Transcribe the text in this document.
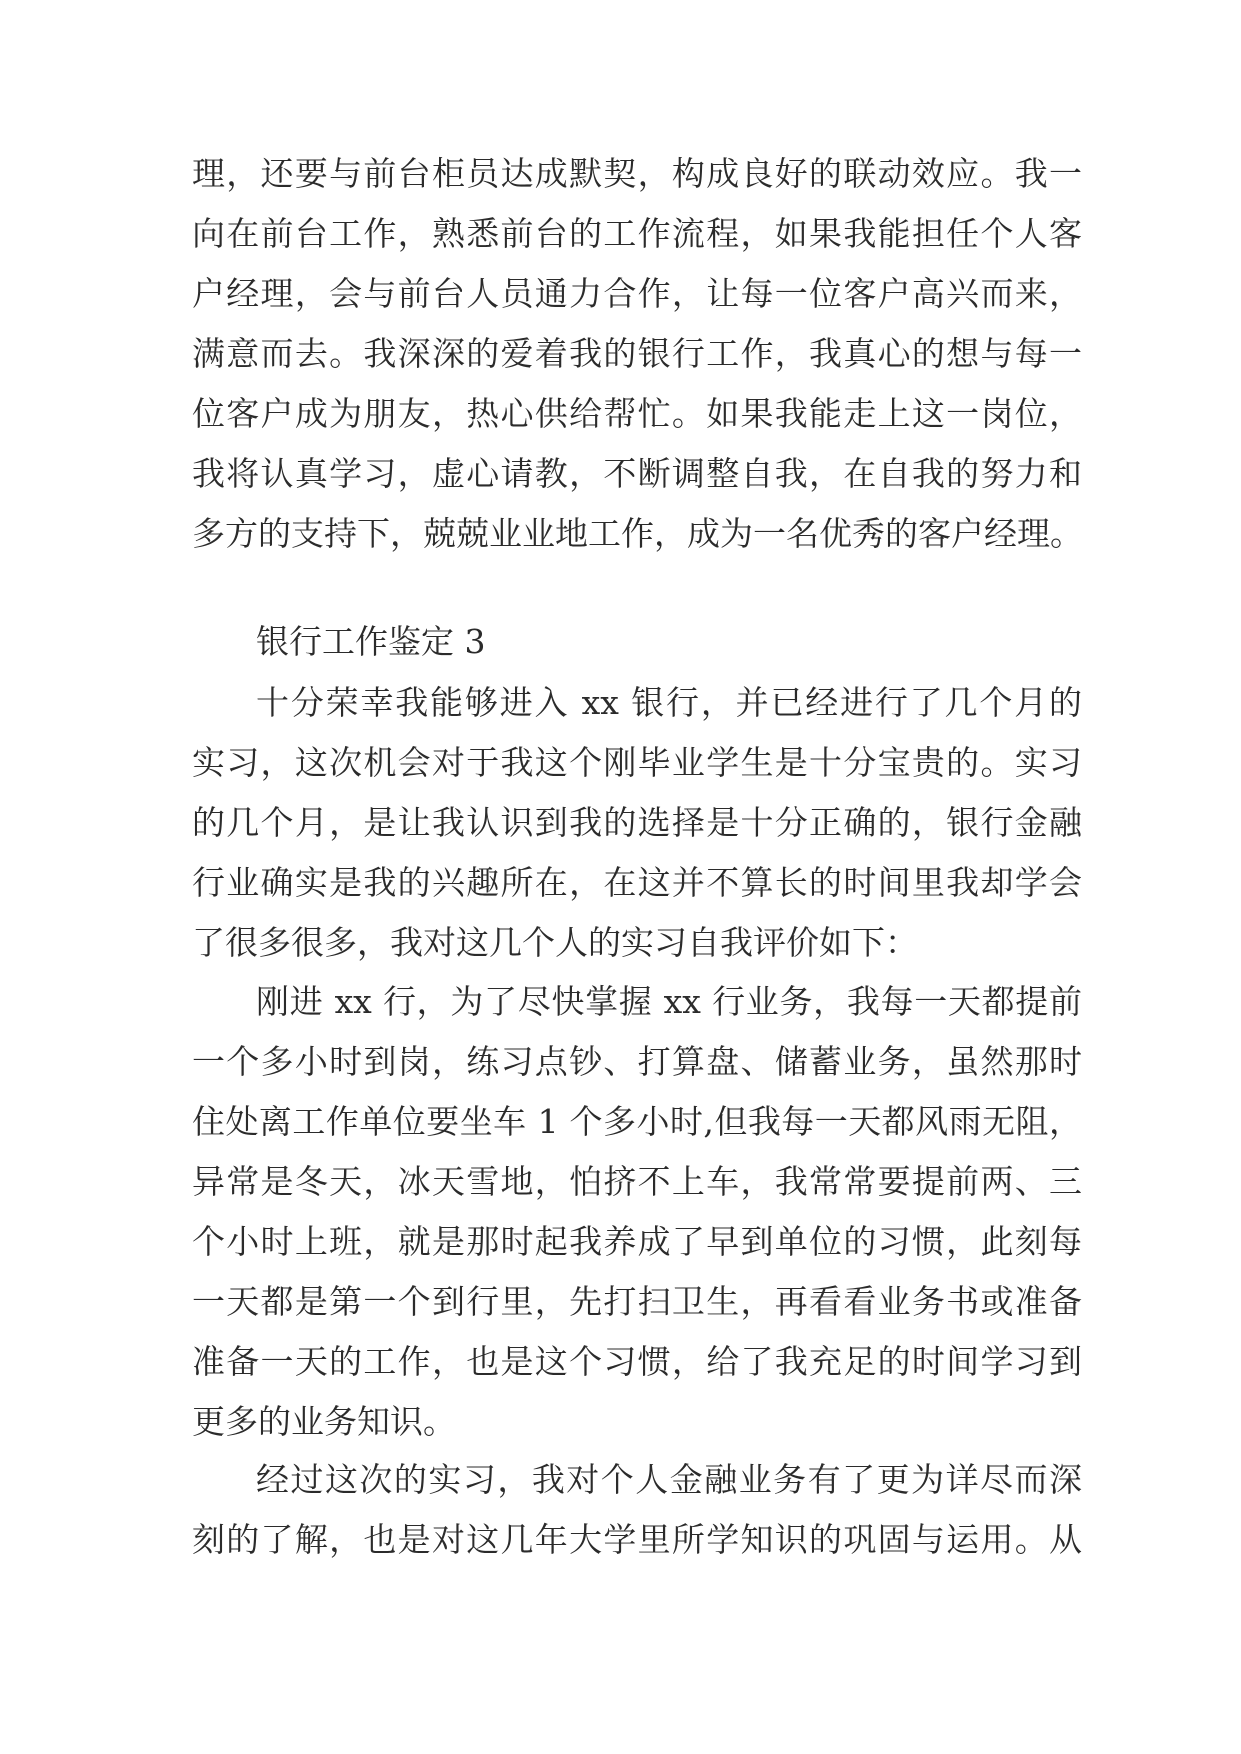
理，还要与前台柜员达成默契，构成良好的联动效应。我一
向在前台工作，熟悉前台的工作流程，如果我能担任个人客
户经理，会与前台人员通力合作，让每一位客户高兴而来，
满意而去。我深深的爱着我的银行工作，我真心的想与每一
位客户成为朋友，热心供给帮忙。如果我能走上这一岗位，
我将认真学习，虚心请教，不断调整自我，在自我的努力和
多方的支持下，兢兢业业地工作，成为一名优秀的客户经理。
银行工作鉴定 3
十分荣幸我能够进入 xx 银行，并已经进行了几个月的
实习，这次机会对于我这个刚毕业学生是十分宝贵的。实习
的几个月，是让我认识到我的选择是十分正确的，银行金融
行业确实是我的兴趣所在，在这并不算长的时间里我却学会
了很多很多，我对这几个人的实习自我评价如下：
刚进 xx 行，为了尽快掌握 xx 行业务，我每一天都提前
一个多小时到岗，练习点钞、打算盘、储蓄业务，虽然那时
住处离工作单位要坐车 1 个多小时,但我每一天都风雨无阻，
异常是冬天，冰天雪地，怕挤不上车，我常常要提前两、三
个小时上班，就是那时起我养成了早到单位的习惯，此刻每
一天都是第一个到行里，先打扫卫生，再看看业务书或准备
准备一天的工作，也是这个习惯，给了我充足的时间学习到
更多的业务知识。
经过这次的实习，我对个人金融业务有了更为详尽而深
刻的了解，也是对这几年大学里所学知识的巩固与运用。从
